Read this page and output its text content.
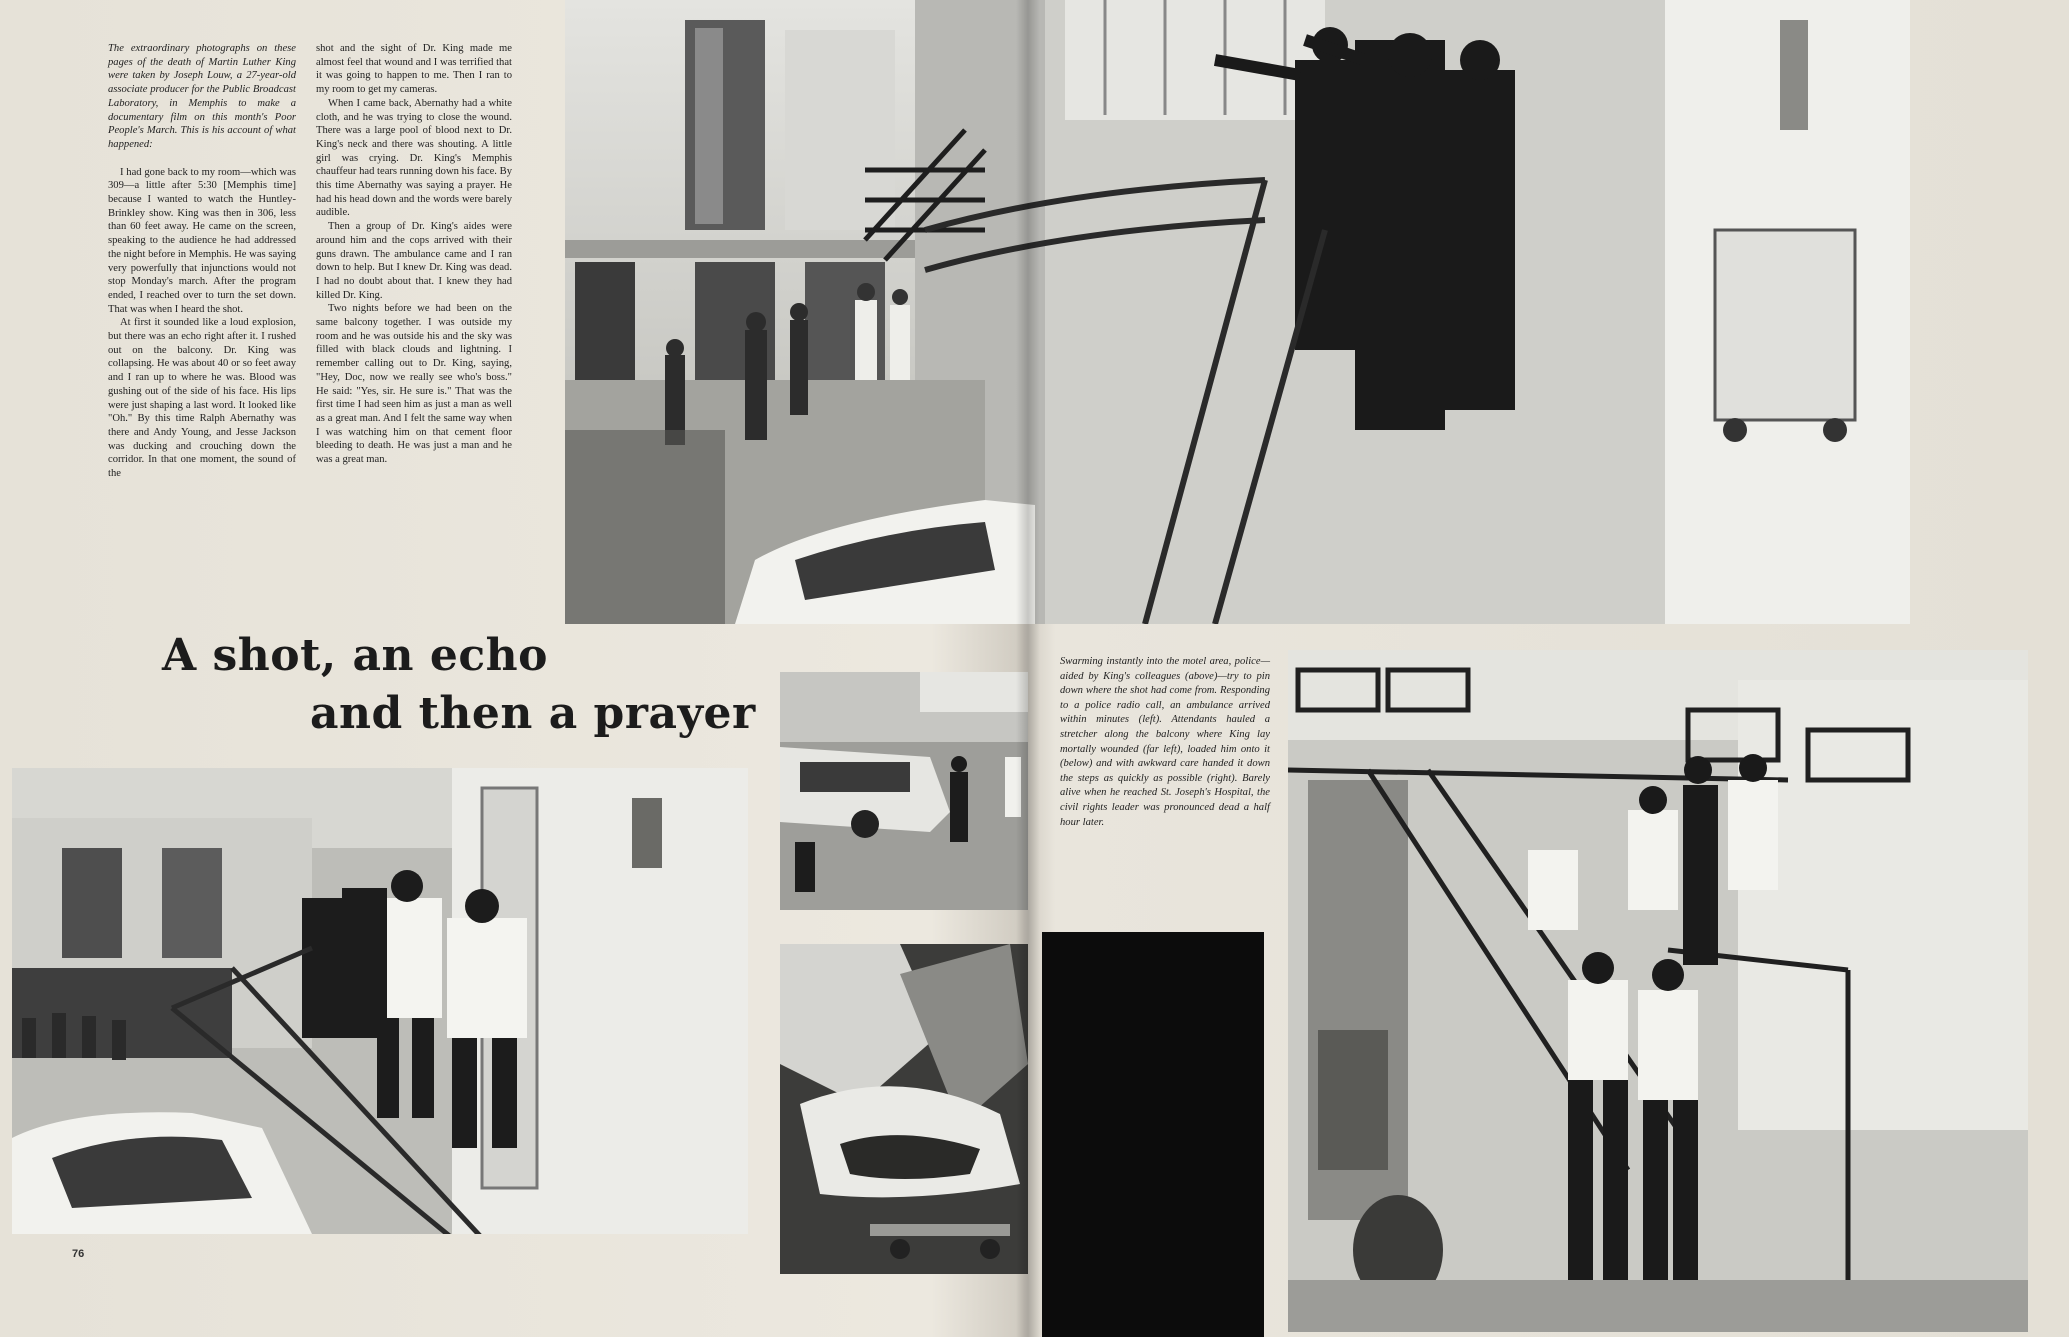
The extraordinary photographs on these pages of the death of Martin Luther King were taken by Joseph Louw, a 27-year-old associate producer for the Public Broadcast Laboratory, in Memphis to make a documentary film on this month's Poor People's March. This is his account of what happened:

I had gone back to my room—which was 309—a little after 5:30 [Memphis time] because I wanted to watch the Huntley-Brinkley show. King was then in 306, less than 60 feet away. He came on the screen, speaking to the audience he had addressed the night before in Memphis. He was saying very powerfully that injunctions would not stop Monday's march. After the program ended, I reached over to turn the set down. That was when I heard the shot.

At first it sounded like a loud explosion, but there was an echo right after it. I rushed out on the balcony. Dr. King was collapsing. He was about 40 or so feet away and I ran up to where he was. Blood was gushing out of the side of his face. His lips were just shaping a last word. It looked like "Oh." By this time Ralph Abernathy was there and Andy Young, and Jesse Jackson was ducking and crouching down the corridor. In that one moment, the sound of the

shot and the sight of Dr. King made me almost feel that wound and I was terrified that it was going to happen to me. Then I ran to my room to get my cameras.

When I came back, Abernathy had a white cloth, and he was trying to close the wound. There was a large pool of blood next to Dr. King's neck and there was shouting. A little girl was crying. Dr. King's Memphis chauffeur had tears running down his face. By this time Abernathy was saying a prayer. He had his head down and the words were barely audible.

Then a group of Dr. King's aides were around him and the cops arrived with their guns drawn. The ambulance came and I ran down to help. But I knew Dr. King was dead. I had no doubt about that. I knew they had killed Dr. King.

Two nights before we had been on the same balcony together. I was outside my room and he was outside his and the sky was filled with black clouds and lightning. I remember calling out to Dr. King, saying, "Hey, Doc, now we really see who's boss." He said: "Yes, sir. He sure is." That was the first time I had seen him as just a man as well as a great man. And I felt the same way when I was watching him on that cement floor bleeding to death. He was just a man and he was a great man.

A shot, an echo
and then a prayer
Swarming instantly into the motel area, police—aided by King's colleagues (above)—try to pin down where the shot had come from. Responding to a police radio call, an ambulance arrived within minutes (left). Attendants hauled a stretcher along the balcony where King lay mortally wounded (far left), loaded him onto it (below) and with awkward care handed it down the steps as quickly as possible (right). Barely alive when he reached St. Joseph's Hospital, the civil rights leader was pronounced dead a half hour later.
76
